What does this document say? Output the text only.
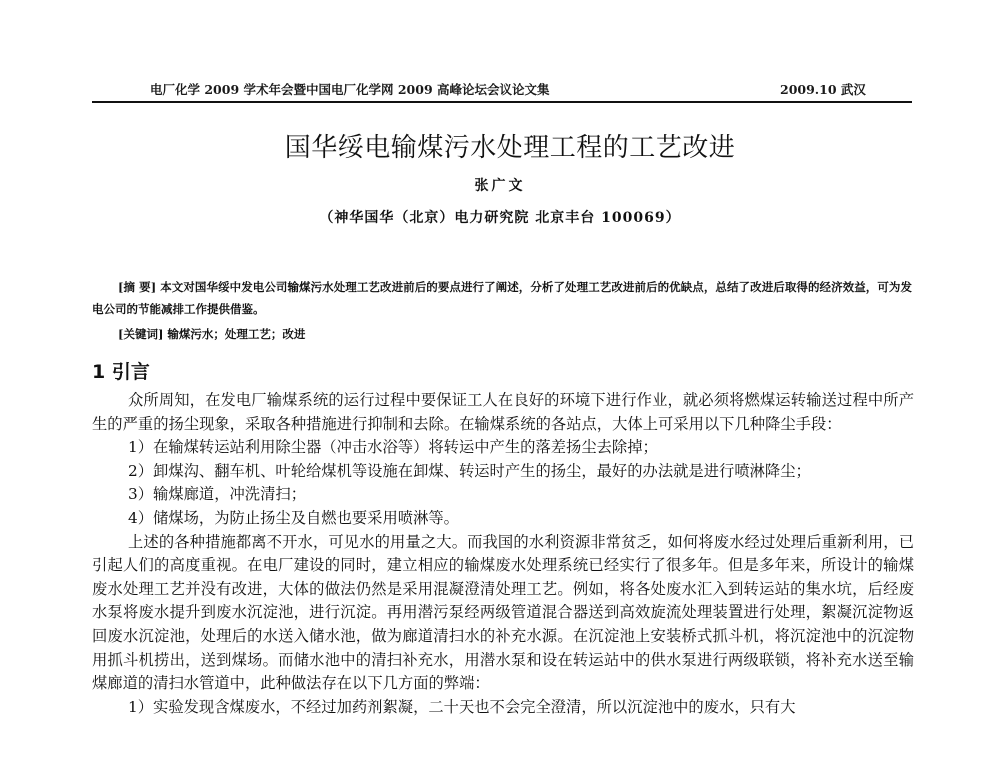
电厂化学 2009 学术年会暨中国电厂化学网 2009 高峰论坛会议论文集	2009.10 武汉
国华绥电输煤污水处理工程的工艺改进
张广文
（神华国华（北京）电力研究院 北京丰台 100069）
[摘 要] 本文对国华绥中发电公司输煤污水处理工艺改进前后的要点进行了阐述，分析了处理工艺改进前后的优缺点，总结了改进后取得的经济效益，可为发电公司的节能减排工作提供借鉴。
[关键词] 输煤污水；处理工艺；改进
1 引言

众所周知，在发电厂输煤系统的运行过程中要保证工人在良好的环境下进行作业，就必须将燃煤运转输送过程中所产生的严重的扬尘现象，采取各种措施进行抑制和去除。在输煤系统的各站点，大体上可采用以下几种降尘手段：

1）在输煤转运站利用除尘器（冲击水浴等）将转运中产生的落差扬尘去除掉；

2）卸煤沟、翻车机、叶轮给煤机等设施在卸煤、转运时产生的扬尘，最好的办法就是进行喷淋降尘；

3）输煤廊道，冲洗清扫；

4）储煤场，为防止扬尘及自燃也要采用喷淋等。

上述的各种措施都离不开水，可见水的用量之大。而我国的水利资源非常贫乏，如何将废水经过处理后重新利用，已引起人们的高度重视。在电厂建设的同时，建立相应的输煤废水处理系统已经实行了很多年。但是多年来，所设计的输煤废水处理工艺并没有改进，大体的做法仍然是采用混凝澄清处理工艺。例如，将各处废水汇入到转运站的集水坑，后经废水泵将废水提升到废水沉淀池，进行沉淀。再用潜污泵经两级管道混合器送到高效旋流处理装置进行处理，絮凝沉淀物返回废水沉淀池，处理后的水送入储水池，做为廊道清扫水的补充水源。在沉淀池上安装桥式抓斗机，将沉淀池中的沉淀物用抓斗机捞出，送到煤场。而储水池中的清扫补充水，用潜水泵和设在转运站中的供水泵进行两级联锁，将补充水送至输煤廊道的清扫水管道中，此种做法存在以下几方面的弊端：

1）实验发现含煤废水，不经过加药剂絮凝，二十天也不会完全澄清，所以沉淀池中的废水，只有大
